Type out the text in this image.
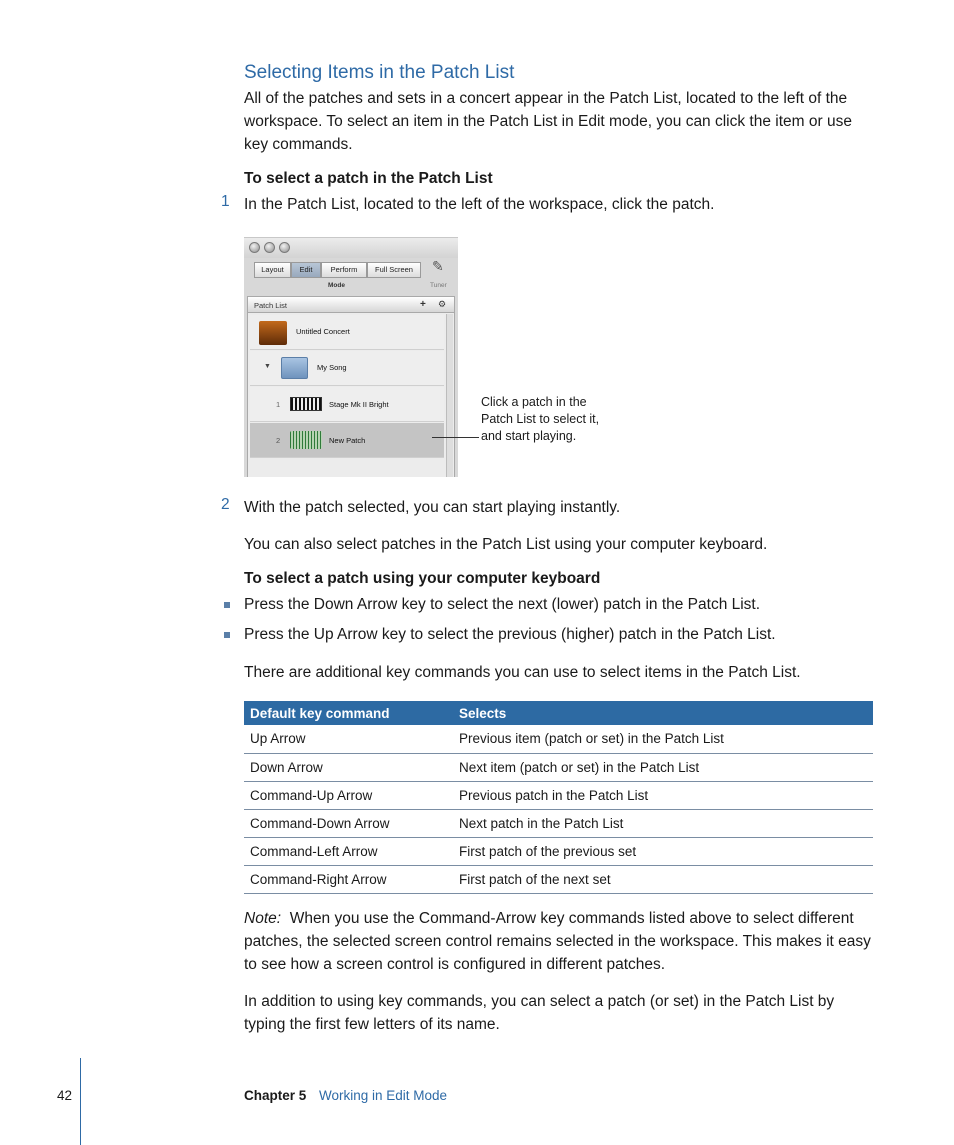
Selecting Items in the Patch List
All of the patches and sets in a concert appear in the Patch List, located to the left of the workspace. To select an item in the Patch List in Edit mode, you can click the item or use key commands.
To select a patch in the Patch List
1 In the Patch List, located to the left of the workspace, click the patch.
Layout	Edit	Perform	Full Screen	✎
Mode	Tuner
Patch List	+ ⚙
Untitled Concert
▼	My Song
1	Stage Mk II Bright
2	New Patch
Click a patch in the Patch List to select it, and start playing.
2 With the patch selected, you can start playing instantly.
You can also select patches in the Patch List using your computer keyboard.
To select a patch using your computer keyboard
Press the Down Arrow key to select the next (lower) patch in the Patch List.
Press the Up Arrow key to select the previous (higher) patch in the Patch List.
There are additional key commands you can use to select items in the Patch List.
Default key command	Selects
Up Arrow	Previous item (patch or set) in the Patch List
Down Arrow	Next item (patch or set) in the Patch List
Command-Up Arrow	Previous patch in the Patch List
Command-Down Arrow	Next patch in the Patch List
Command-Left Arrow	First patch of the previous set
Command-Right Arrow	First patch of the next set
Note: When you use the Command-Arrow key commands listed above to select different patches, the selected screen control remains selected in the workspace. This makes it easy to see how a screen control is configured in different patches.
In addition to using key commands, you can select a patch (or set) in the Patch List by typing the first few letters of its name.
42	Chapter 5 Working in Edit Mode
